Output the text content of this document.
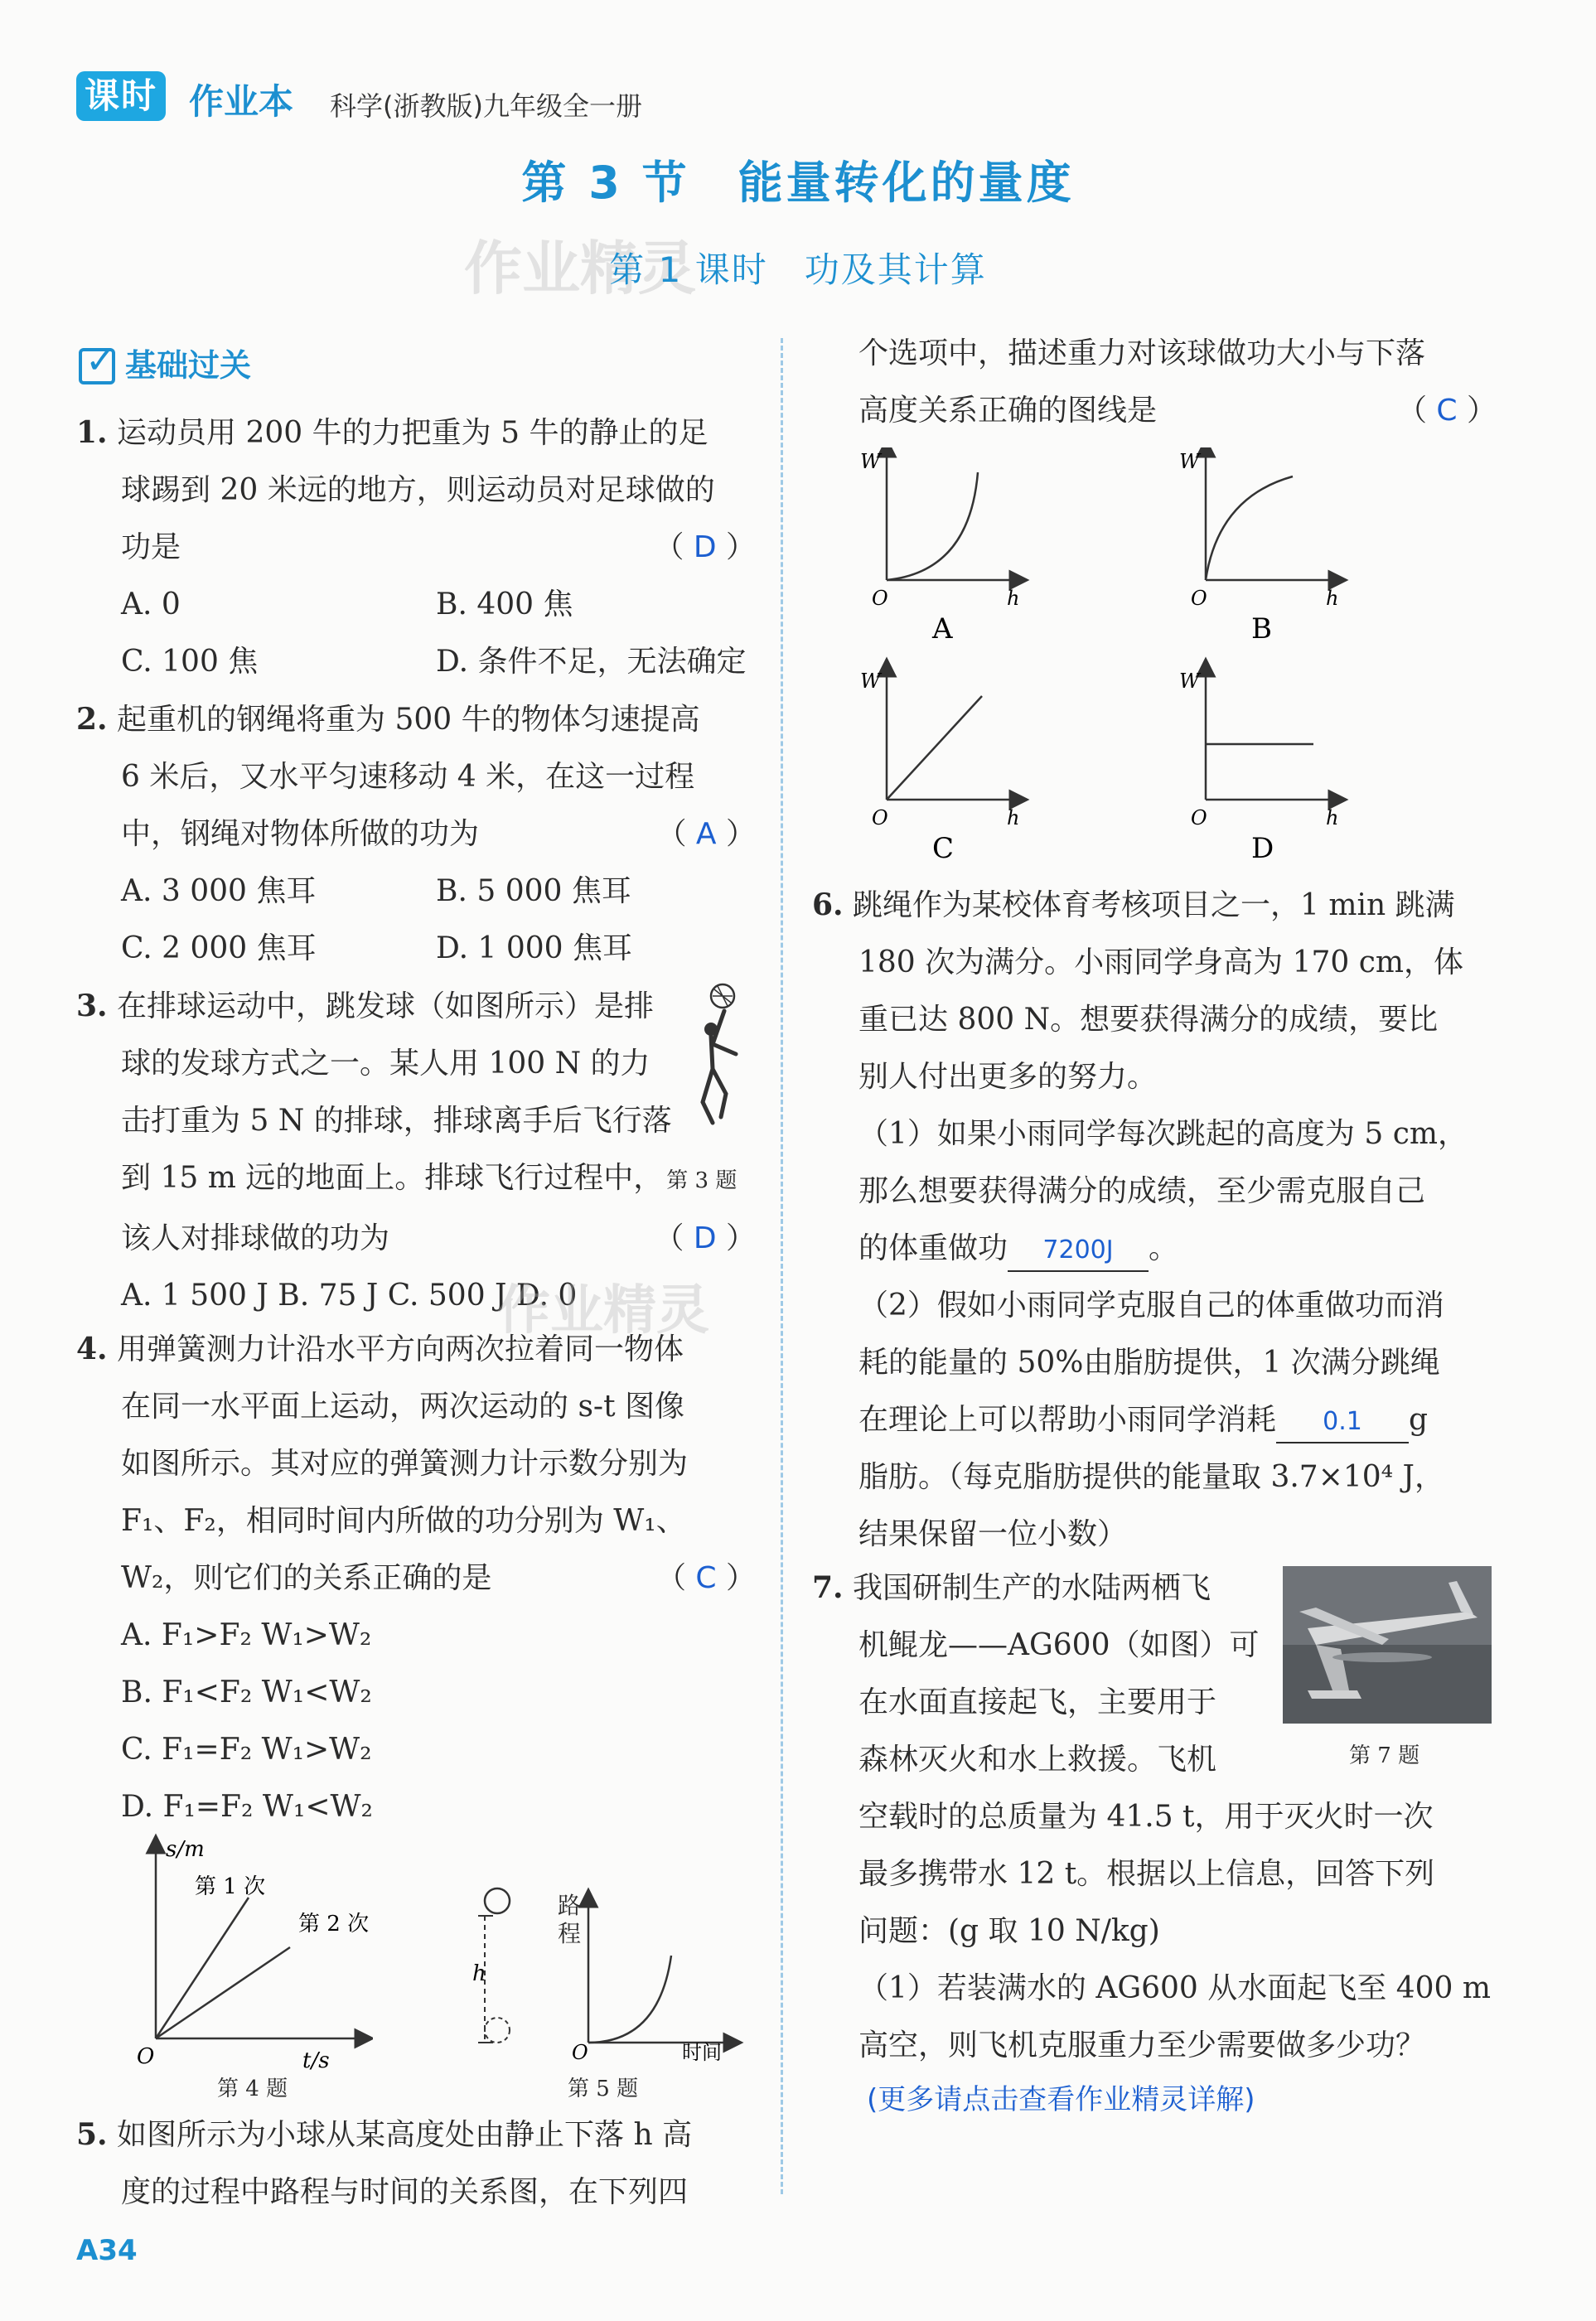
课时 作业本 科学(浙教版)九年级全一册
第 3 节　能量转化的量度
作业精灵
第 1 课时　功及其计算
✓ 基础过关
1. 运动员用 200 牛的力把重为 5 牛的静止的足
球踢到 20 米远的地方，则运动员对足球做的
功是	（ D ）
A. 0	B. 400 焦
C. 100 焦	D. 条件不足，无法确定
2. 起重机的钢绳将重为 500 牛的物体匀速提高
6 米后，又水平匀速移动 4 米，在这一过程
中，钢绳对物体所做的功为	（ A ）
A. 3 000 焦耳	B. 5 000 焦耳
C. 2 000 焦耳	D. 1 000 焦耳
3. 在排球运动中，跳发球（如图所示）是排
球的发球方式之一。某人用 100 N 的力
击打重为 5 N 的排球，排球离手后飞行落
到 15 m 远的地面上。排球飞行过程中， 第 3 题
该人对排球做的功为	（ D ）
A. 1 500 J B. 75 J C. 500 J D. 0
作业精灵
4. 用弹簧测力计沿水平方向两次拉着同一物体
在同一水平面上运动，两次运动的 s-t 图像
如图所示。其对应的弹簧测力计示数分别为
F₁、F₂，相同时间内所做的功分别为 W₁、
W₂，则它们的关系正确的是	（ C ）
A. F₁>F₂ W₁>W₂
B. F₁<F₂ W₁<W₂
C. F₁=F₂ W₁>W₂
D. F₁=F₂ W₁<W₂
s/m
第 1 次
第 2 次
O	t/s
第 4 题
h
O	时间
路程
第 5 题
5. 如图所示为小球从某高度处由静止下落 h 高
度的过程中路程与时间的关系图，在下列四
A34
个选项中，描述重力对该球做功大小与下落
高度关系正确的图线是	（ C ）
W
O	h
A
W
O	h
B
W
O	h
C
W
O	h
D
6. 跳绳作为某校体育考核项目之一，1 min 跳满
180 次为满分。小雨同学身高为 170 cm，体
重已达 800 N。想要获得满分的成绩，要比
别人付出更多的努力。
（1）如果小雨同学每次跳起的高度为 5 cm，
那么想要获得满分的成绩，至少需克服自己
的体重做功 7200J 。
（2）假如小雨同学克服自己的体重做功而消
耗的能量的 50%由脂肪提供，1 次满分跳绳
在理论上可以帮助小雨同学消耗 0.1 g
脂肪。（每克脂肪提供的能量取 3.7×10⁴ J，
结果保留一位小数）
第 7 题
7. 我国研制生产的水陆两栖飞
机鲲龙——AG600（如图）可
在水面直接起飞，主要用于
森林灭火和水上救援。飞机
空载时的总质量为 41.5 t，用于灭火时一次
最多携带水 12 t。根据以上信息，回答下列
问题：(g 取 10 N/kg)
（1）若装满水的 AG600 从水面起飞至 400 m
高空，则飞机克服重力至少需要做多少功？
(更多请点击查看作业精灵详解)
